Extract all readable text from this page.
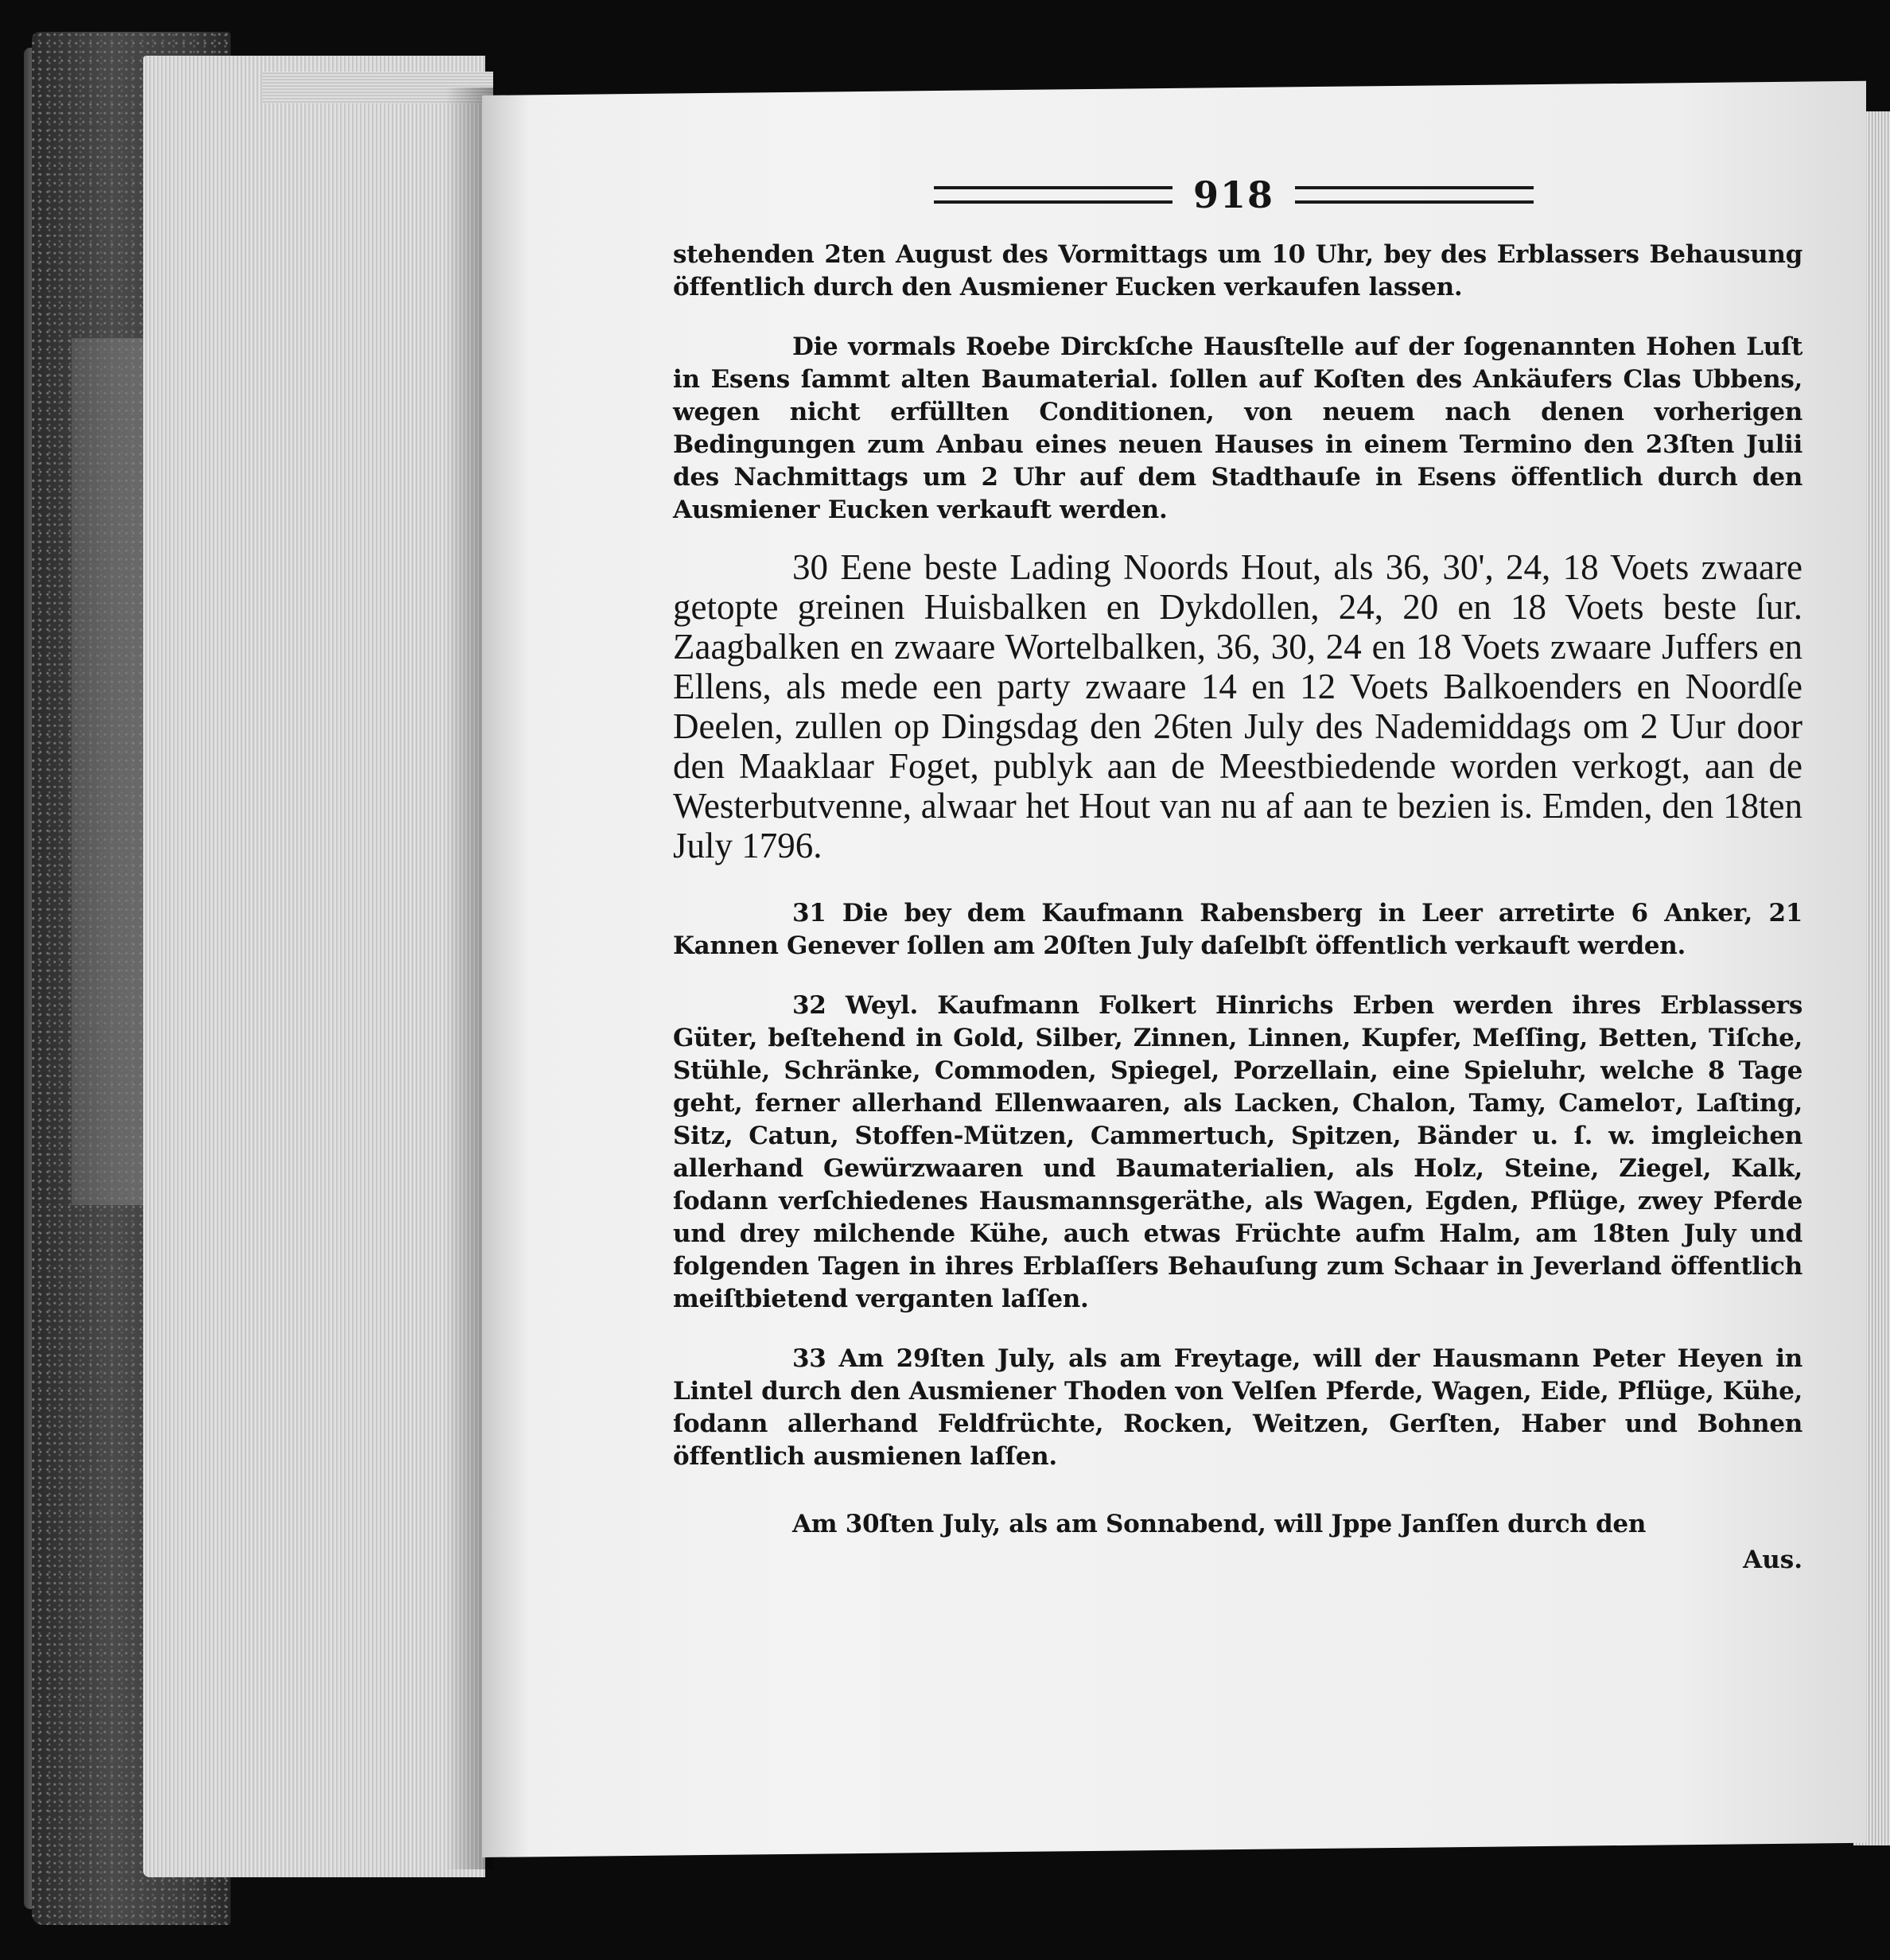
918

stehenden 2ten August des Vormittags um 10 Uhr, bey des Erblassers Behausung öffentlich durch den Ausmiener Eucken verkaufen lassen.

Die vormals Roebe Dirckſche Hausſtelle auf der ſogenannten Hohen Luſt in Esens ſammt alten Baumaterial. ſollen auf Koſten des Ankäufers Clas Ubbens, wegen nicht erfüllten Conditionen, von neuem nach denen vorherigen Bedingungen zum Anbau eines neuen Hauses in einem Termino den 23ſten Julii des Nachmittags um 2 Uhr auf dem Stadthauſe in Esens öffentlich durch den Ausmiener Eucken verkauft werden.

30 Eene beste Lading Noords Hout, als 36, 30', 24, 18 Voets zwaare getopte greinen Huisbalken en Dykdollen, 24, 20 en 18 Voets beste ſur. Zaagbalken en zwaare Wortelbalken, 36, 30, 24 en 18 Voets zwaare Juffers en Ellens, als mede een party zwaare 14 en 12 Voets Balkoenders en Noordſe Deelen, zullen op Dingsdag den 26ten July des Nademiddags om 2 Uur door den Maaklaar Foget, publyk aan de Meestbiedende worden verkogt, aan de Westerbutvenne, alwaar het Hout van nu af aan te bezien is. Emden, den 18ten July 1796.

31 Die bey dem Kaufmann Rabensberg in Leer arretirte 6 Anker, 21 Kannen Genever ſollen am 20ſten July daſelbſt öffentlich verkauft werden.

32 Weyl. Kaufmann Folkert Hinrichs Erben werden ihres Erblassers Güter, beſtehend in Gold, Silber, Zinnen, Linnen, Kupfer, Meſſing, Betten, Tiſche, Stühle, Schränke, Commoden, Spiegel, Porzellain, eine Spieluhr, welche 8 Tage geht, ferner allerhand Ellenwaaren, als Lacken, Chalon, Tamy, Cameloт, Laſting, Sitz, Catun, Stoffen-Mützen, Cammertuch, Spitzen, Bänder u. ſ. w. imgleichen allerhand Gewürzwaaren und Baumaterialien, als Holz, Steine, Ziegel, Kalk, ſodann verſchiedenes Hausmannsgeräthe, als Wagen, Egden, Pflüge, zwey Pferde und drey milchende Kühe, auch etwas Früchte aufm Halm, am 18ten July und folgenden Tagen in ihres Erblaſſers Behauſung zum Schaar in Jeverland öffentlich meiſtbietend verganten laſſen.

33 Am 29ſten July, als am Freytage, will der Hausmann Peter Heyen in Lintel durch den Ausmiener Thoden von Velſen Pferde, Wagen, Eide, Pflüge, Kühe, ſodann allerhand Feldfrüchte, Rocken, Weitzen, Gerſten, Haber und Bohnen öffentlich ausmienen laſſen.

Am 30ſten July, als am Sonnabend, will Jppe Janſſen durch den

Aus.
